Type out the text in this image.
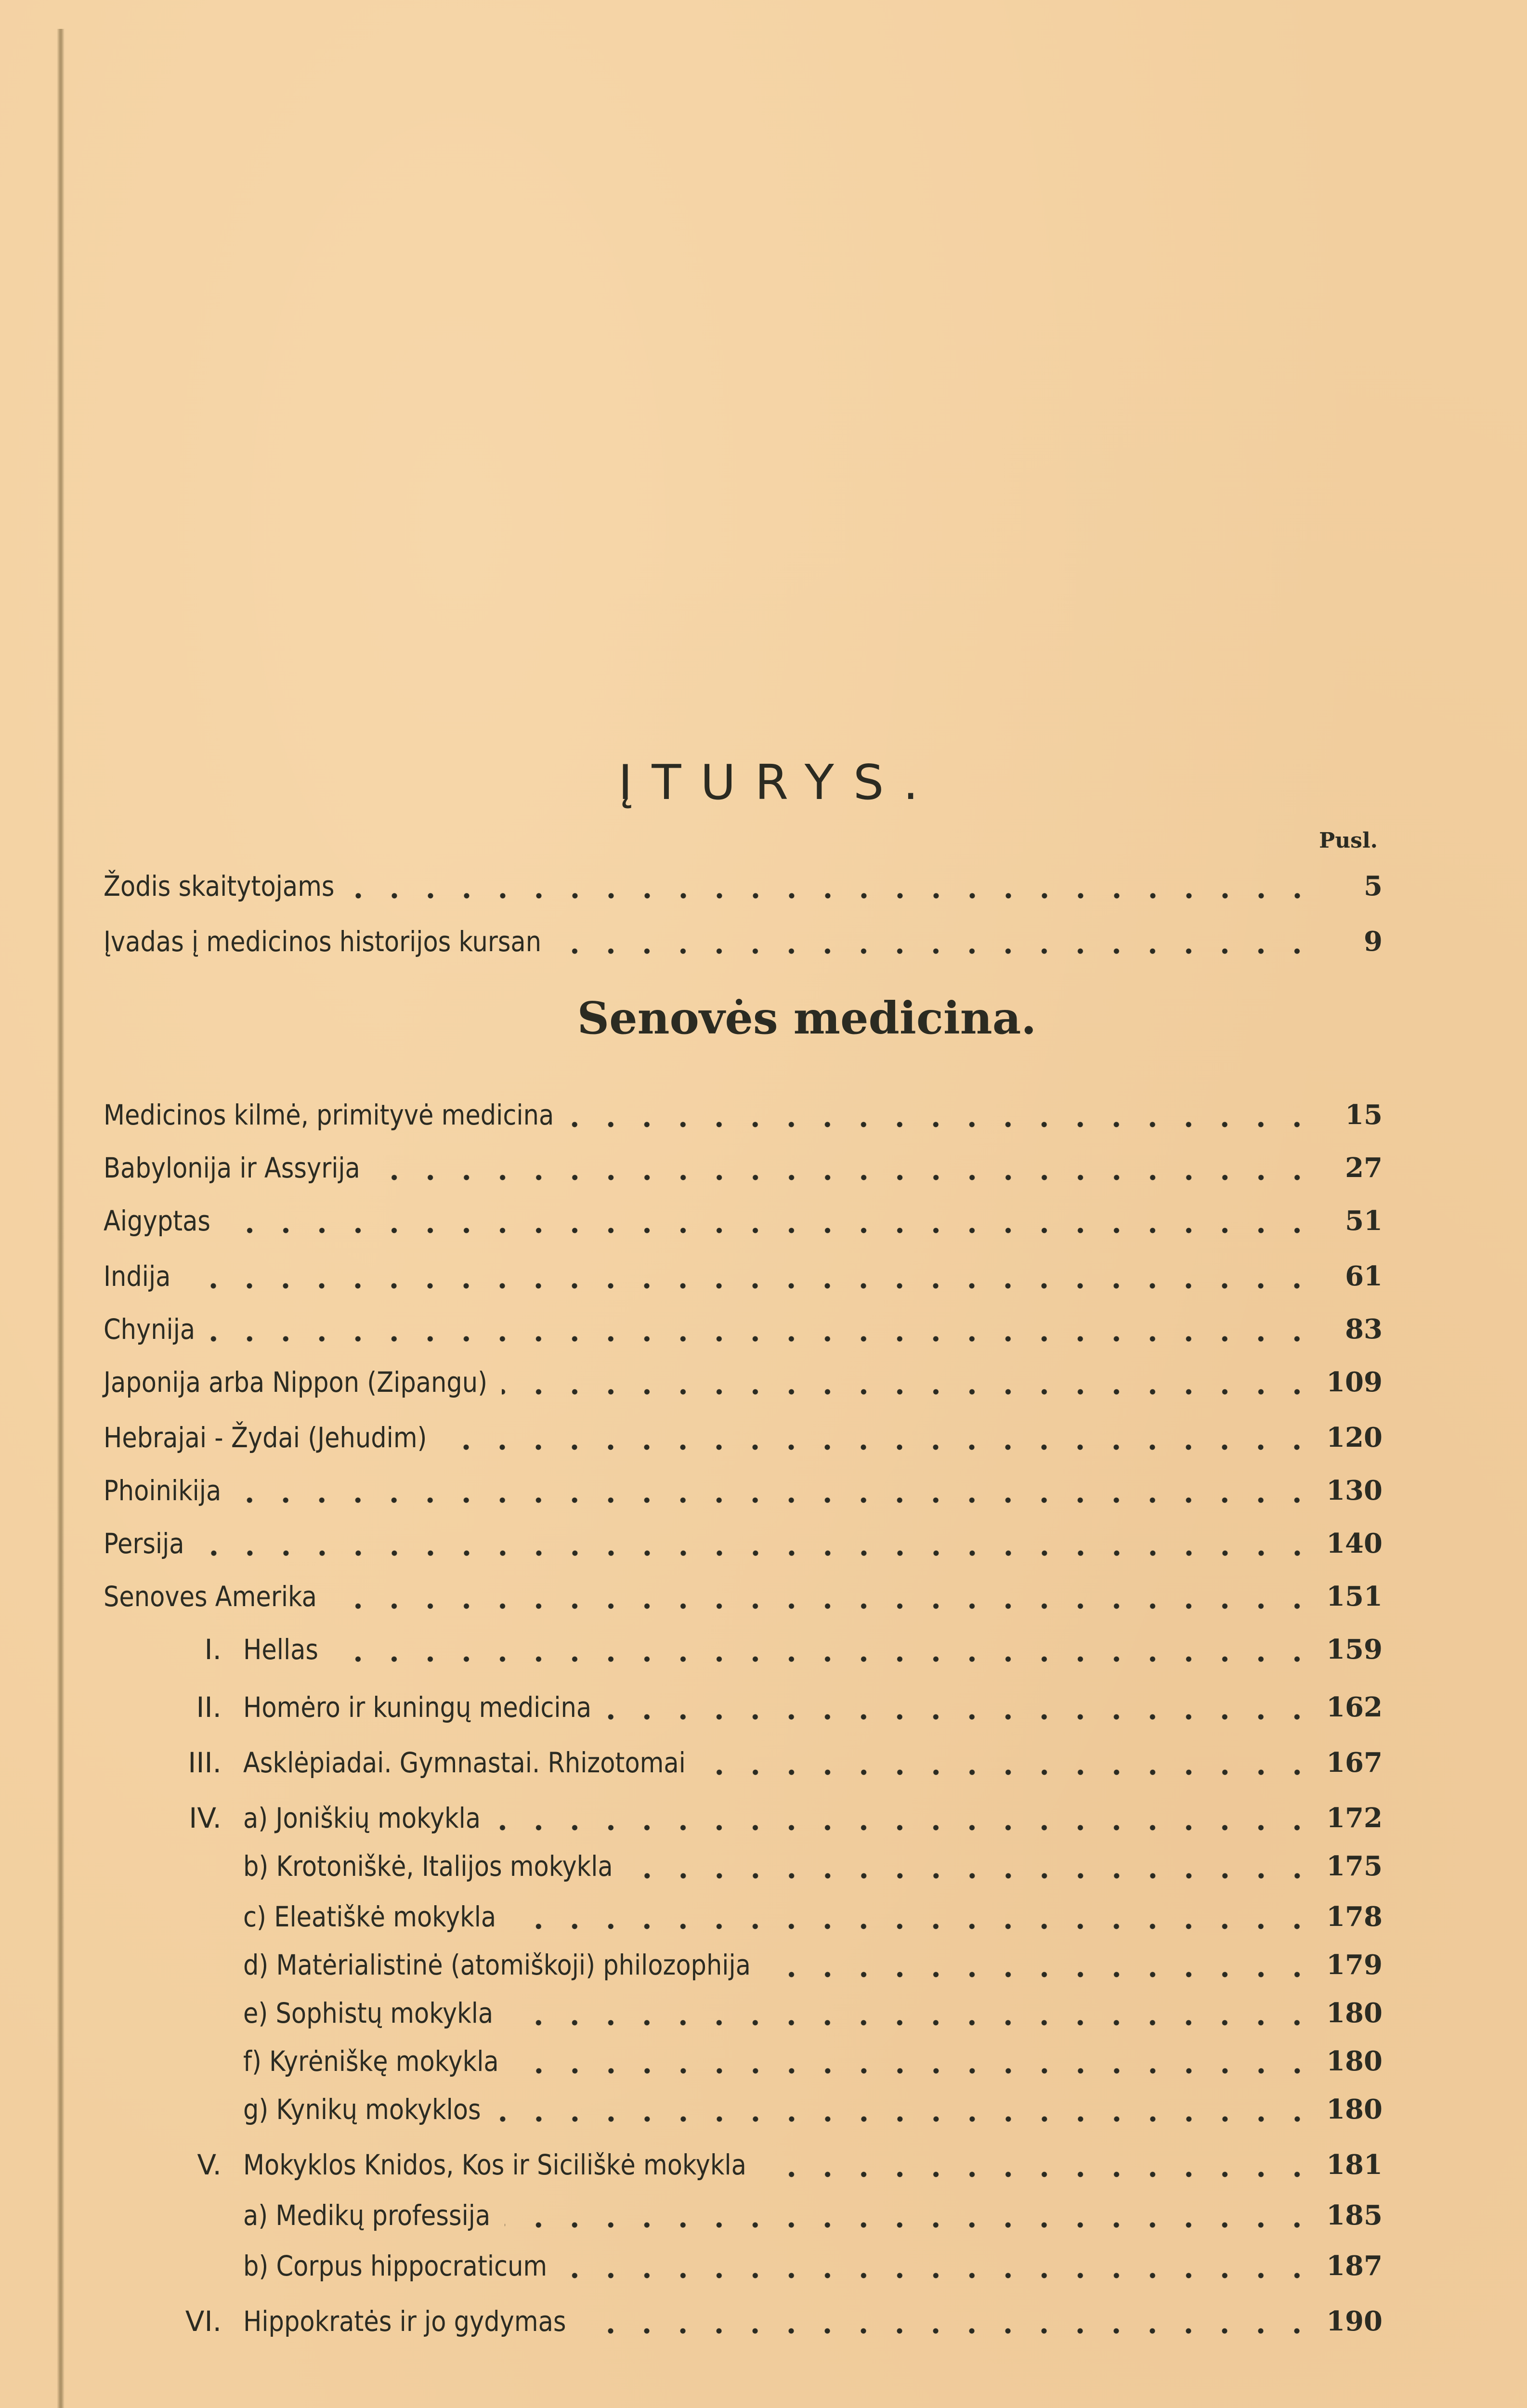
ĮTURYS.
Pusl.
Žodis skaitytojams	5
Įvadas į medicinos historijos kursan	9
Senovės medicina.
Medicinos kilmė, primityvė medicina	15
Babylonija ir Assyrija	27
Aigyptas	51
Indija	61
Chynija	83
Japonija arba Nippon (Zipangu)	109
Hebrajai - Žydai (Jehudim)	120
Phoinikija	130
Persija	140
Senoves Amerika	151
I. Hellas	159
II. Homėro ir kuningų medicina	162
III. Asklėpiadai. Gymnastai. Rhizotomai	167
IV. a) Joniškių mokykla	172
b) Krotoniškė, Italijos mokykla	175
c) Eleatiškė mokykla	178
d) Matėrialistinė (atomiškoji) philozophija	179
e) Sophistų mokykla	180
f) Kyrėniškę mokykla	180
g) Kynikų mokyklos	180
V. Mokyklos Knidos, Kos ir Siciliškė mokykla	181
a) Medikų professija	185
b) Corpus hippocraticum	187
VI. Hippokratės ir jo gydymas	190
